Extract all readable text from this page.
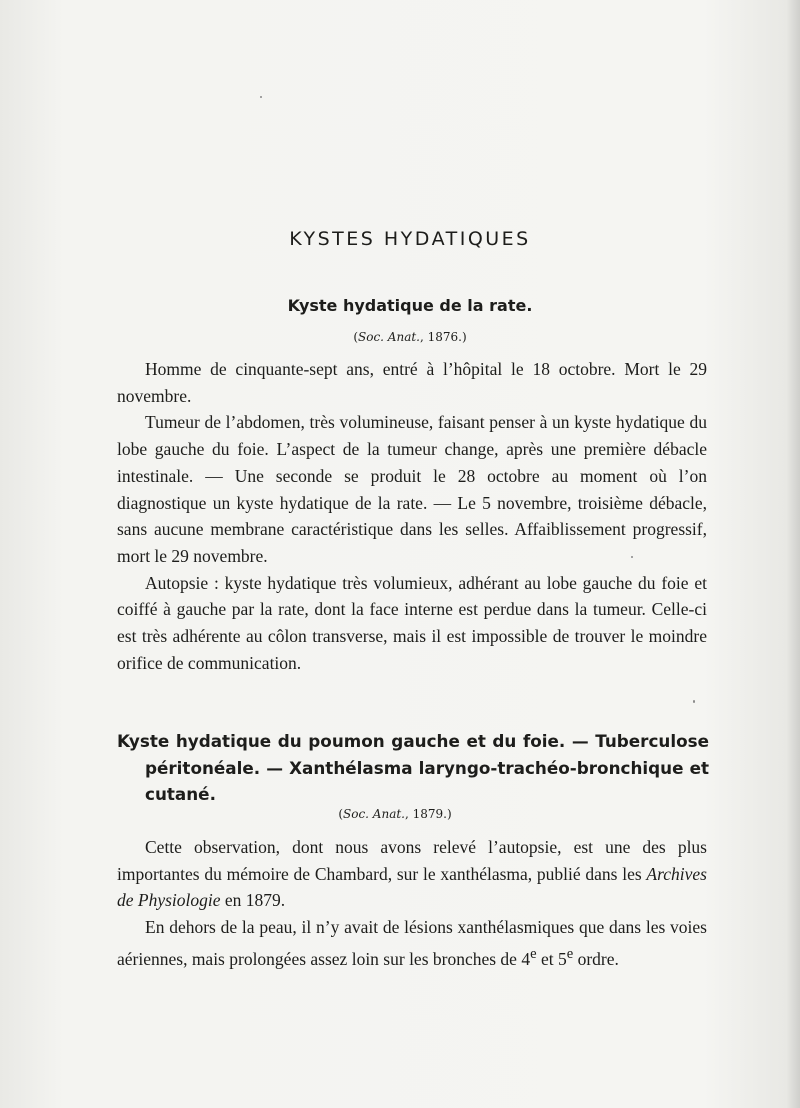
KYSTES HYDATIQUES
Kyste hydatique de la rate.
(Soc. Anat., 1876.)

Homme de cinquante-sept ans, entré à l’hôpital le 18 octobre. Mort le 29 novembre.

Tumeur de l’abdomen, très volumineuse, faisant penser à un kyste hydatique du lobe gauche du foie. L’aspect de la tumeur change, après une première débacle intestinale. — Une seconde se produit le 28 octobre au moment où l’on diagnostique un kyste hydatique de la rate. — Le 5 novembre, troisième débacle, sans aucune membrane caractéristique dans les selles. Affaiblissement progressif, mort le 29 novembre.

Autopsie : kyste hydatique très volumieux, adhérant au lobe gauche du foie et coiffé à gauche par la rate, dont la face interne est perdue dans la tumeur. Celle-ci est très adhérente au côlon transverse, mais il est impossible de trouver le moindre orifice de communication.

Kyste hydatique du poumon gauche et du foie. — Tuberculose
péritonéale. — Xanthélasma laryngo-trachéo-bronchique et
cutané.
(Soc. Anat., 1879.)

Cette observation, dont nous avons relevé l’autopsie, est une des plus importantes du mémoire de Chambard, sur le xanthélasma, publié dans les Archives de Physiologie en 1879.

En dehors de la peau, il n’y avait de lésions xanthélasmiques que dans les voies aériennes, mais prolongées assez loin sur les bronches de 4e et 5e ordre.
